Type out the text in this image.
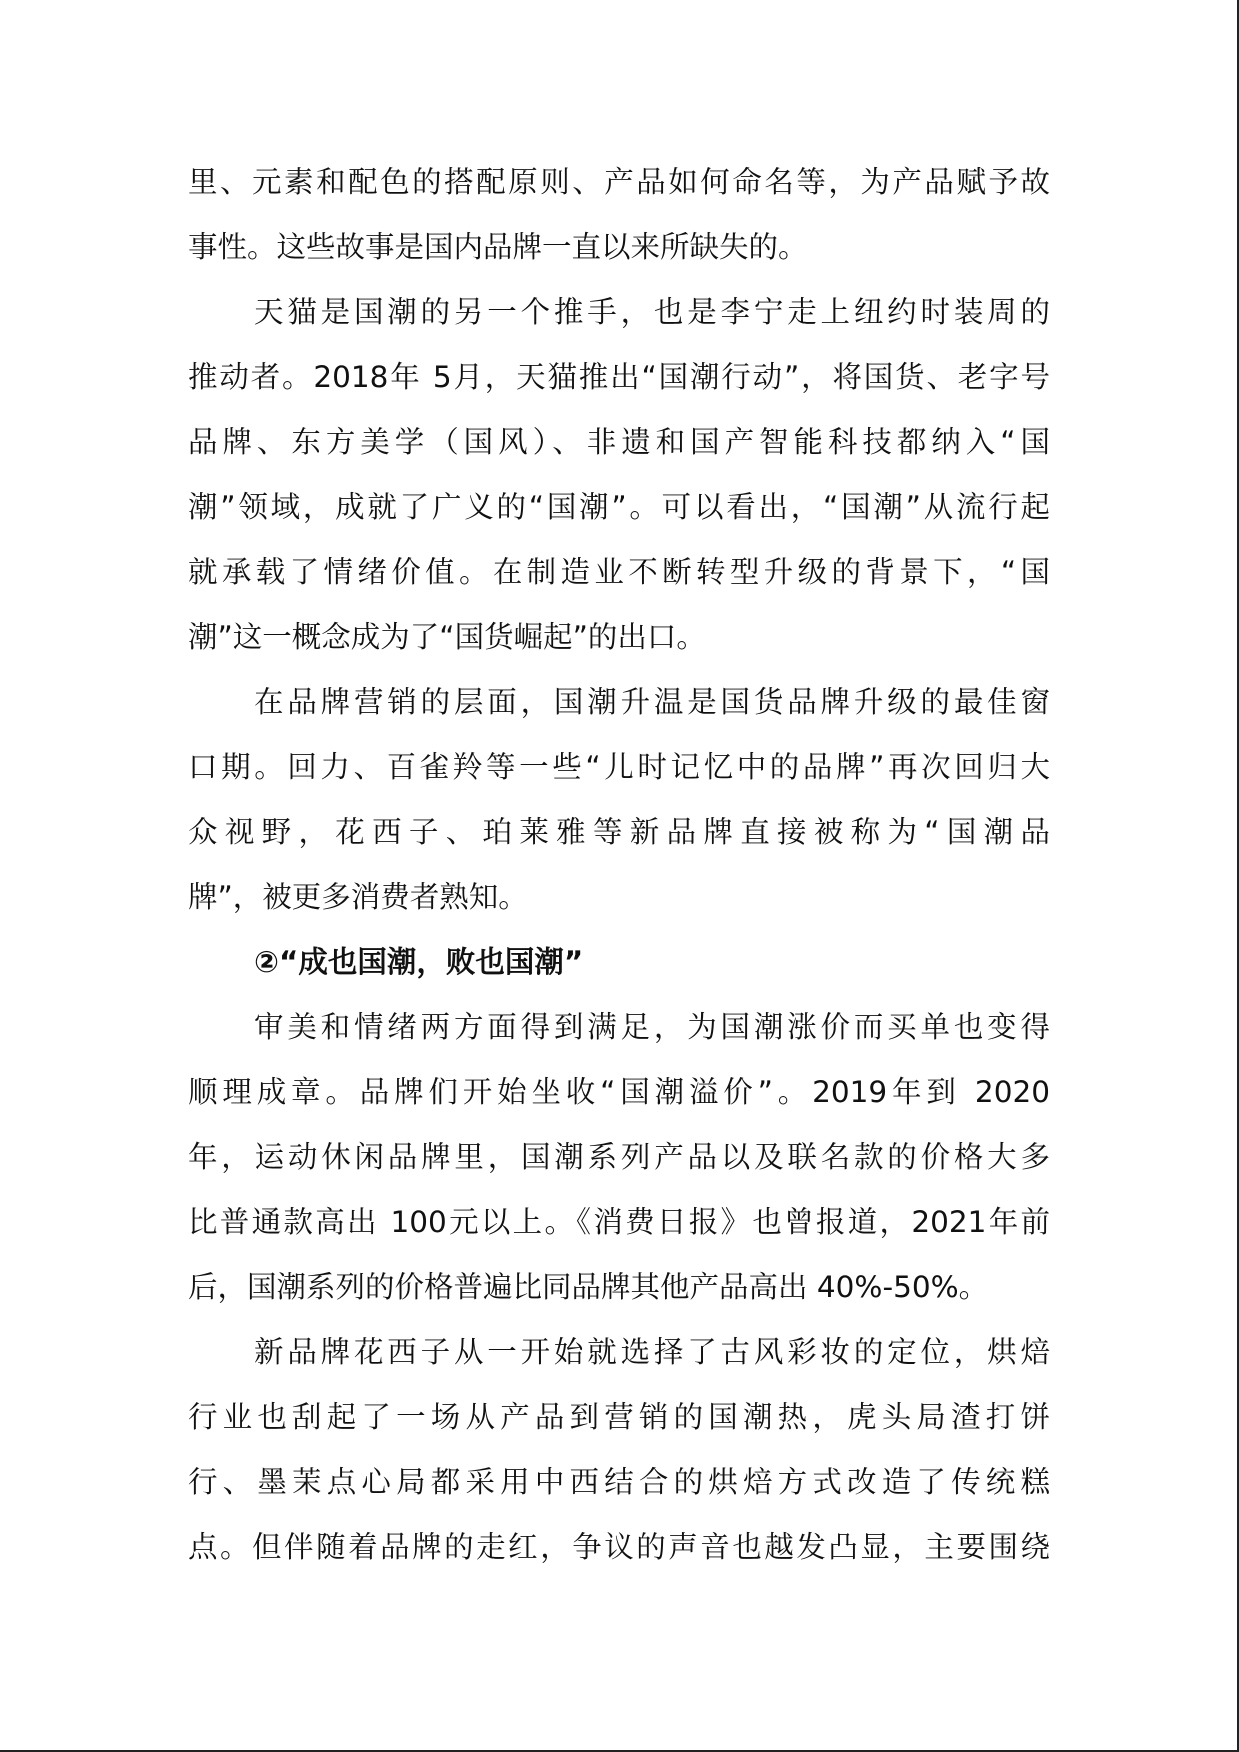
里、元素和配色的搭配原则、产品如何命名等，为产品赋予故
事性。这些故事是国内品牌一直以来所缺失的。
天猫是国潮的另一个推手，也是李宁走上纽约时装周的
推动者。2018年 5月，天猫推出“国潮行动”，将国货、老字号
品牌、东方美学（国风）、非遗和国产智能科技都纳入“国
潮”领域，成就了广义的“国潮”。可以看出，“国潮”从流行起
就承载了情绪价值。在制造业不断转型升级的背景下，“国
潮”这一概念成为了“国货崛起”的出口。
在品牌营销的层面，国潮升温是国货品牌升级的最佳窗
口期。回力、百雀羚等一些“儿时记忆中的品牌”再次回归大
众视野，花西子、珀莱雅等新品牌直接被称为“国潮品
牌”，被更多消费者熟知。
②“成也国潮，败也国潮”
审美和情绪两方面得到满足，为国潮涨价而买单也变得
顺理成章。品牌们开始坐收“国潮溢价”。2019年到 2020
年，运动休闲品牌里，国潮系列产品以及联名款的价格大多
比普通款高出 100元以上。《消费日报》也曾报道，2021年前
后，国潮系列的价格普遍比同品牌其他产品高出 40%-50%。
新品牌花西子从一开始就选择了古风彩妆的定位，烘焙
行业也刮起了一场从产品到营销的国潮热，虎头局渣打饼
行、墨茉点心局都采用中西结合的烘焙方式改造了传统糕
点。但伴随着品牌的走红，争议的声音也越发凸显，主要围绕
